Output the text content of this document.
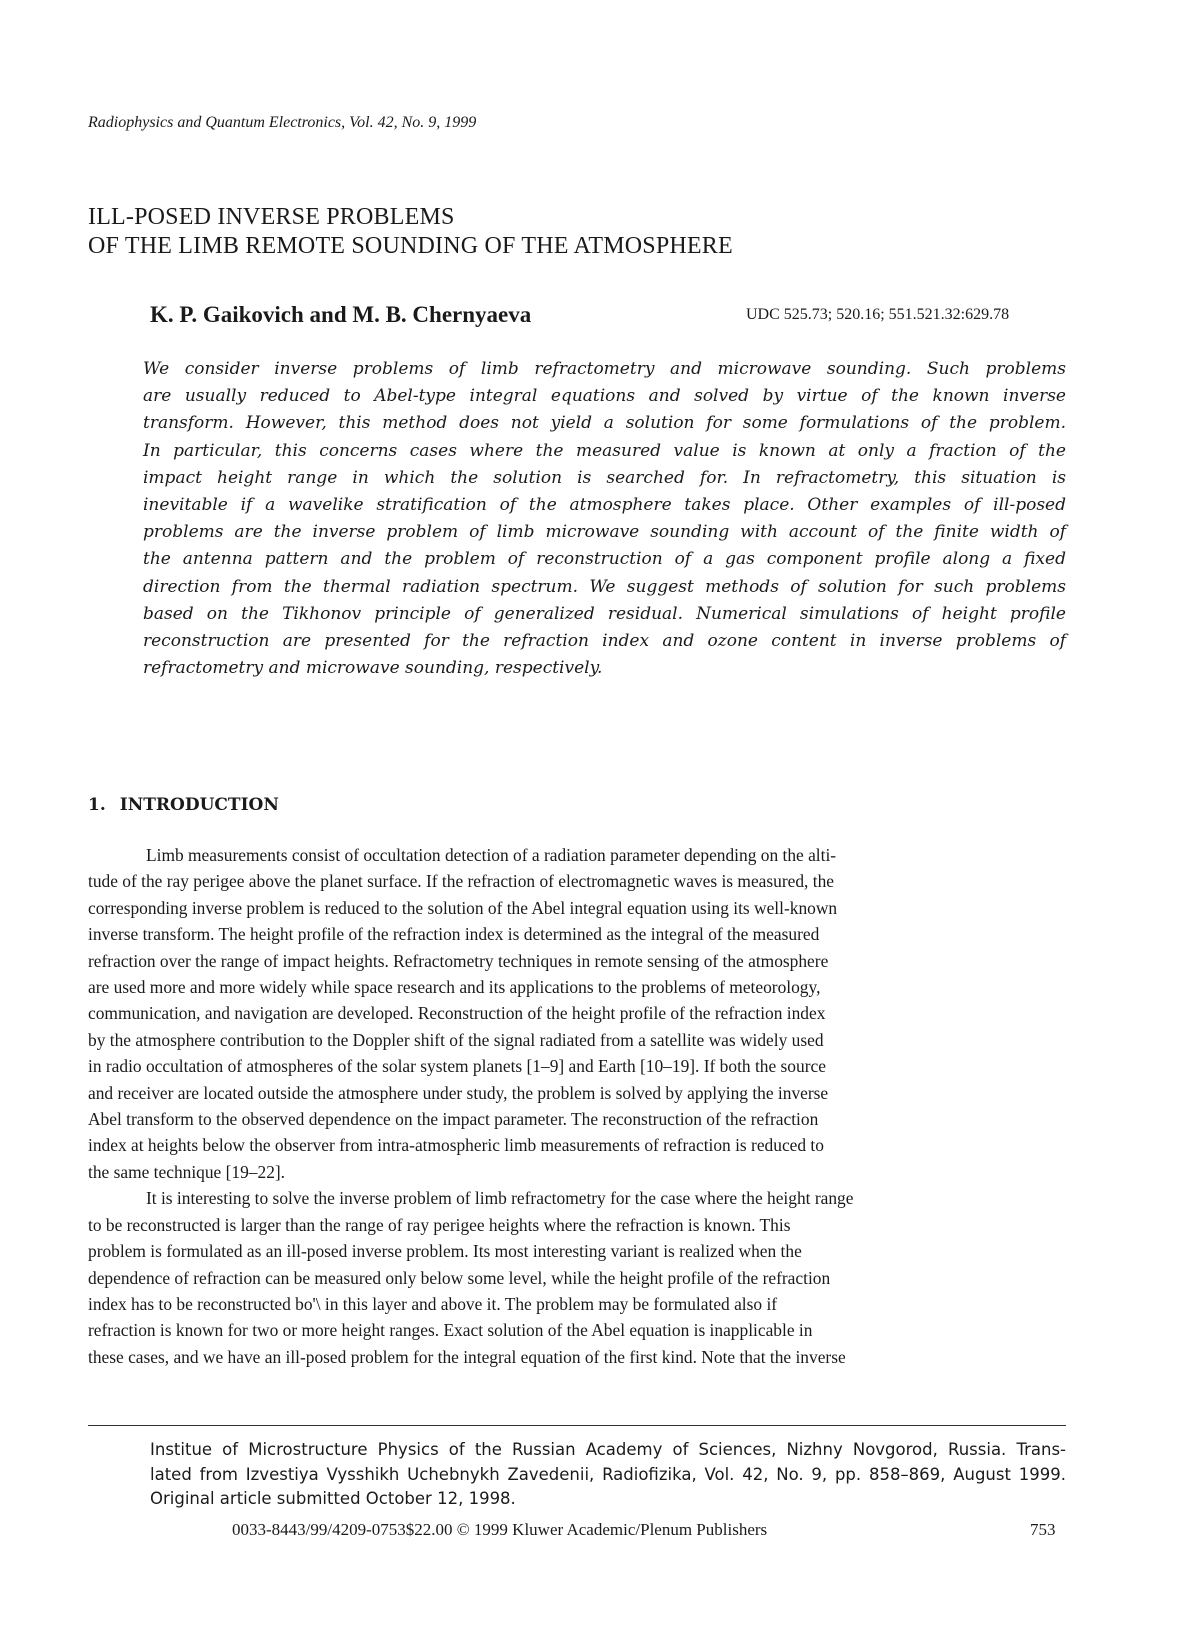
Radiophysics and Quantum Electronics, Vol. 42, No. 9, 1999
ILL-POSED INVERSE PROBLEMS
OF THE LIMB REMOTE SOUNDING OF THE ATMOSPHERE
K. P. Gaikovich and M. B. Chernyaeva	UDC 525.73; 520.16; 551.521.32:629.78
We consider inverse problems of limb refractometry and microwave sounding. Such problems
are usually reduced to Abel-type integral equations and solved by virtue of the known inverse
transform. However, this method does not yield a solution for some formulations of the problem.
In particular, this concerns cases where the measured value is known at only a fraction of the
impact height range in which the solution is searched for. In refractometry, this situation is
inevitable if a wavelike stratification of the atmosphere takes place. Other examples of ill-posed
problems are the inverse problem of limb microwave sounding with account of the finite width of
the antenna pattern and the problem of reconstruction of a gas component profile along a fixed
direction from the thermal radiation spectrum. We suggest methods of solution for such problems
based on the Tikhonov principle of generalized residual. Numerical simulations of height profile
reconstruction are presented for the refraction index and ozone content in inverse problems of
refractometry and microwave sounding, respectively.
1. INTRODUCTION
Limb measurements consist of occultation detection of a radiation parameter depending on the alti-
tude of the ray perigee above the planet surface. If the refraction of electromagnetic waves is measured, the
corresponding inverse problem is reduced to the solution of the Abel integral equation using its well-known
inverse transform. The height profile of the refraction index is determined as the integral of the measured
refraction over the range of impact heights. Refractometry techniques in remote sensing of the atmosphere
are used more and more widely while space research and its applications to the problems of meteorology,
communication, and navigation are developed. Reconstruction of the height profile of the refraction index
by the atmosphere contribution to the Doppler shift of the signal radiated from a satellite was widely used
in radio occultation of atmospheres of the solar system planets [1–9] and Earth [10–19]. If both the source
and receiver are located outside the atmosphere under study, the problem is solved by applying the inverse
Abel transform to the observed dependence on the impact parameter. The reconstruction of the refraction
index at heights below the observer from intra-atmospheric limb measurements of refraction is reduced to
the same technique [19–22].
It is interesting to solve the inverse problem of limb refractometry for the case where the height range
to be reconstructed is larger than the range of ray perigee heights where the refraction is known. This
problem is formulated as an ill-posed inverse problem. Its most interesting variant is realized when the
dependence of refraction can be measured only below some level, while the height profile of the refraction
index has to be reconstructed bo'\ in this layer and above it. The problem may be formulated also if
refraction is known for two or more height ranges. Exact solution of the Abel equation is inapplicable in
these cases, and we have an ill-posed problem for the integral equation of the first kind. Note that the inverse
Institue of Microstructure Physics of the Russian Academy of Sciences, Nizhny Novgorod, Russia. Trans-
lated from Izvestiya Vysshikh Uchebnykh Zavedenii, Radiofizika, Vol. 42, No. 9, pp. 858–869, August 1999.
Original article submitted October 12, 1998.
0033-8443/99/4209-0753$22.00 © 1999 Kluwer Academic/Plenum Publishers	753
